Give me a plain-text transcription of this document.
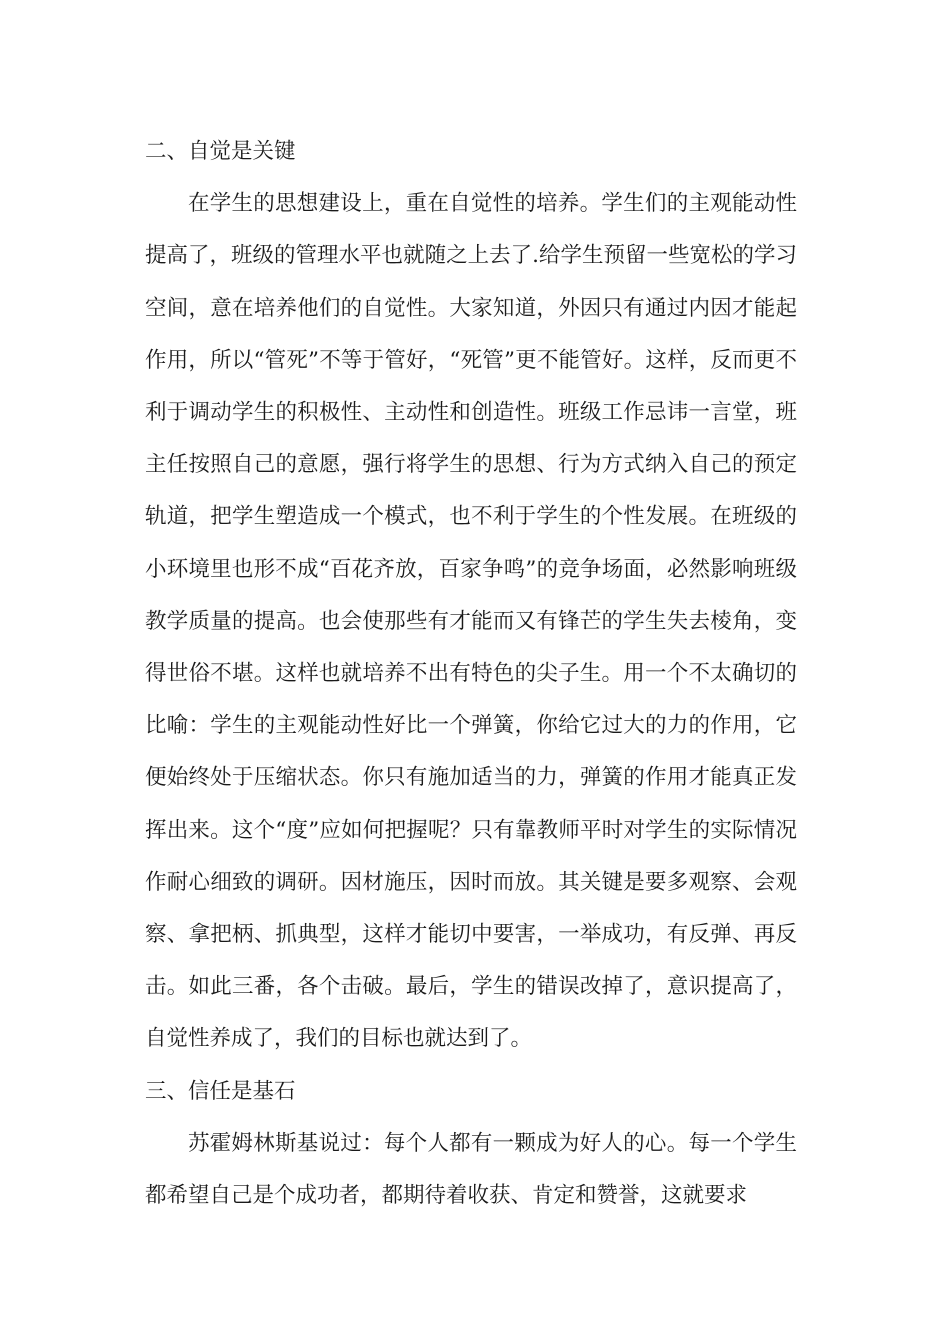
二、自觉是关键

在学生的思想建设上，重在自觉性的培养。学生们的主观能动性提高了，班级的管理水平也就随之上去了.给学生预留一些宽松的学习空间，意在培养他们的自觉性。大家知道，外因只有通过内因才能起作用，所以“管死”不等于管好，“死管”更不能管好。这样，反而更不利于调动学生的积极性、主动性和创造性。班级工作忌讳一言堂，班主任按照自己的意愿，强行将学生的思想、行为方式纳入自己的预定轨道，把学生塑造成一个模式，也不利于学生的个性发展。在班级的小环境里也形不成“百花齐放，百家争鸣”的竞争场面，必然影响班级教学质量的提高。也会使那些有才能而又有锋芒的学生失去棱角，变得世俗不堪。这样也就培养不出有特色的尖子生。用一个不太确切的比喻：学生的主观能动性好比一个弹簧，你给它过大的力的作用，它便始终处于压缩状态。你只有施加适当的力，弹簧的作用才能真正发挥出来。这个“度”应如何把握呢？只有靠教师平时对学生的实际情况作耐心细致的调研。因材施压，因时而放。其关键是要多观察、会观察、拿把柄、抓典型，这样才能切中要害，一举成功，有反弹、再反击。如此三番，各个击破。最后，学生的错误改掉了，意识提高了，自觉性养成了，我们的目标也就达到了。

三、信任是基石

苏霍姆林斯基说过：每个人都有一颗成为好人的心。每一个学生都希望自己是个成功者，都期待着收获、肯定和赞誉，这就要求
